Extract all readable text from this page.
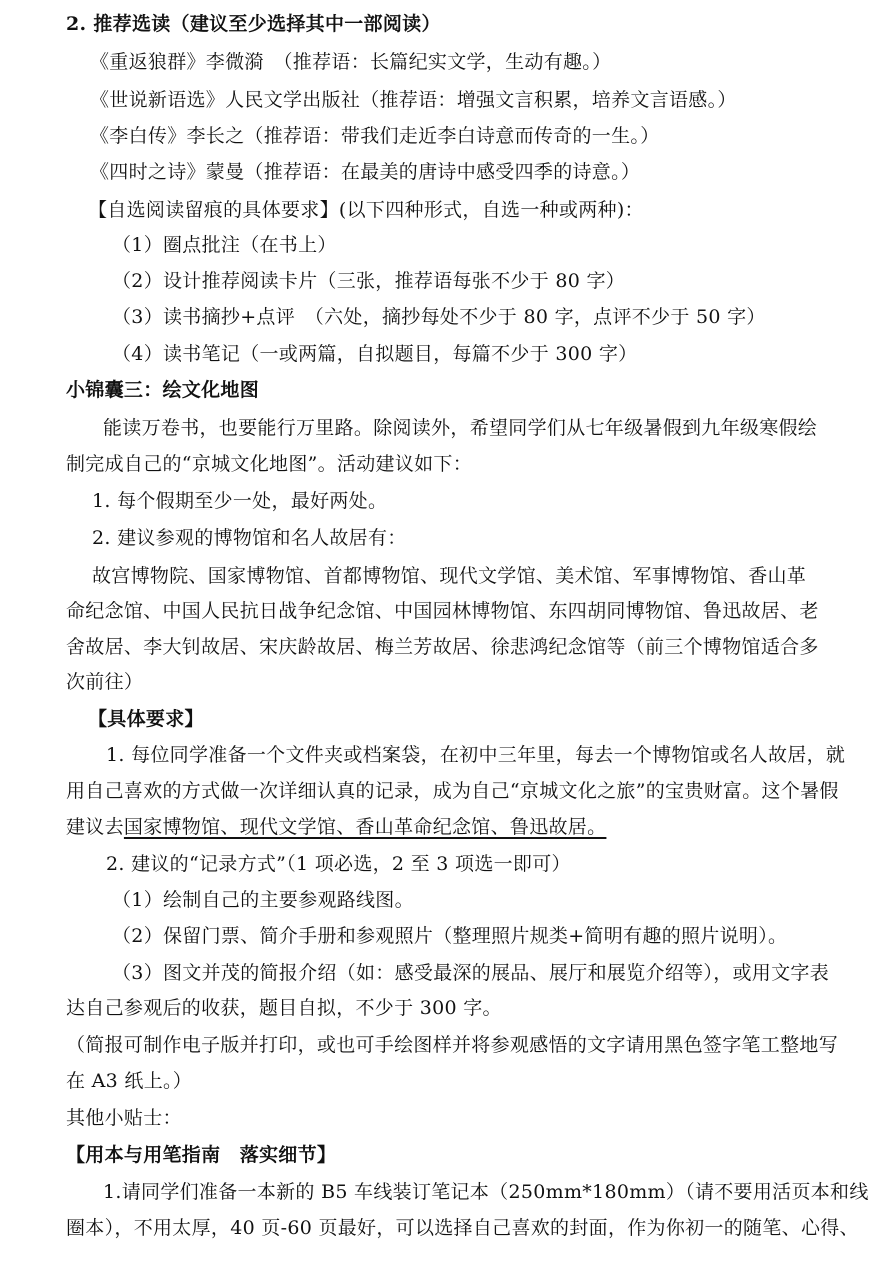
2. 推荐选读（建议至少选择其中一部阅读）
《重返狼群》李微漪　（推荐语：长篇纪实文学，生动有趣。）
《世说新语选》人民文学出版社（推荐语：增强文言积累，培养文言语感。）
《李白传》李长之（推荐语：带我们走近李白诗意而传奇的一生。）
《四时之诗》蒙曼（推荐语：在最美的唐诗中感受四季的诗意。）
【自选阅读留痕的具体要求】(以下四种形式，自选一种或两种)：
（1）圈点批注（在书上）
（2）设计推荐阅读卡片（三张，推荐语每张不少于 80 字）
（3）读书摘抄+点评　（六处，摘抄每处不少于 80 字，点评不少于 50 字）
（4）读书笔记（一或两篇，自拟题目，每篇不少于 300 字）
小锦囊三：绘文化地图
能读万卷书，也要能行万里路。除阅读外，希望同学们从七年级暑假到九年级寒假绘
制完成自己的“京城文化地图”。活动建议如下：
1. 每个假期至少一处，最好两处。
2. 建议参观的博物馆和名人故居有：
故宫博物院、国家博物馆、首都博物馆、现代文学馆、美术馆、军事博物馆、香山革
命纪念馆、中国人民抗日战争纪念馆、中国园林博物馆、东四胡同博物馆、鲁迅故居、老
舍故居、李大钊故居、宋庆龄故居、梅兰芳故居、徐悲鸿纪念馆等（前三个博物馆适合多
次前往）
【具体要求】
1. 每位同学准备一个文件夹或档案袋，在初中三年里，每去一个博物馆或名人故居，就
用自己喜欢的方式做一次详细认真的记录，成为自己“京城文化之旅”的宝贵财富。这个暑假
建议去国家博物馆、现代文学馆、香山革命纪念馆、鲁迅故居。
2. 建议的“记录方式”（1 项必选，2 至 3 项选一即可）
（1）绘制自己的主要参观路线图。
（2）保留门票、简介手册和参观照片（整理照片规类+简明有趣的照片说明）。
（3）图文并茂的简报介绍（如：感受最深的展品、展厅和展览介绍等），或用文字表
达自己参观后的收获，题目自拟，不少于 300 字。
（简报可制作电子版并打印，或也可手绘图样并将参观感悟的文字请用黑色签字笔工整地写
在 A3 纸上。）
其他小贴士：
【用本与用笔指南　落实细节】
1.请同学们准备一本新的 B5 车线装订笔记本（250mm*180mm）（请不要用活页本和线
圈本），不用太厚，40 页-60 页最好，可以选择自己喜欢的封面，作为你初一的随笔、心得、
